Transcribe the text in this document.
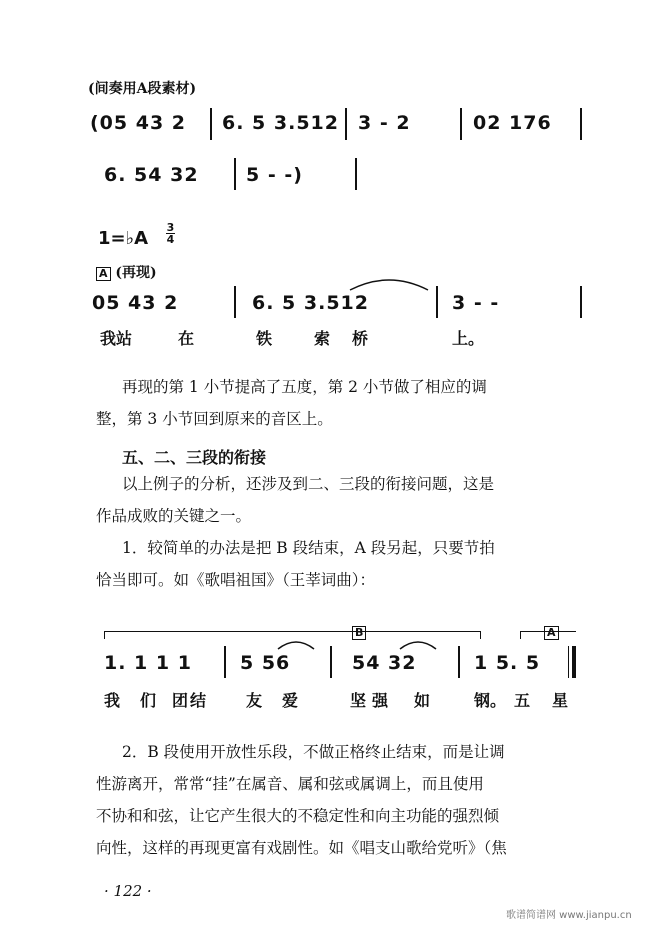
(间奏用A段素材)
(05 43 2 6. 5 3.512 3 - 2	02 176
6. 54 32 5 - -)
1=♭A
3
4
A (再现)
05 43 2	6. 5 3.512	3 - -
我站	在	铁	索桥	上。
再现的第 1 小节提高了五度，第 2 小节做了相应的调
整，第 3 小节回到原来的音区上。
五、二、三段的衔接
以上例子的分析，还涉及到二、三段的衔接问题，这是
作品成败的关键之一。
1．较简单的办法是把 B 段结束，A 段另起，只要节拍
恰当即可。如《歌唱祖国》（王莘词曲）：
B	A
1. 1 1 1	5 56	54 32	1 5. 5
我 们 团结 友 爱	坚强 如	钢。 五 星
2．B 段使用开放性乐段，不做正格终止结束，而是让调
性游离开，常常“挂”在属音、属和弦或属调上，而且使用
不协和和弦，让它产生很大的不稳定性和向主功能的强烈倾
向性，这样的再现更富有戏剧性。如《唱支山歌给党听》（焦
· 122 ·
歌谱简谱网 www.jianpu.cn
